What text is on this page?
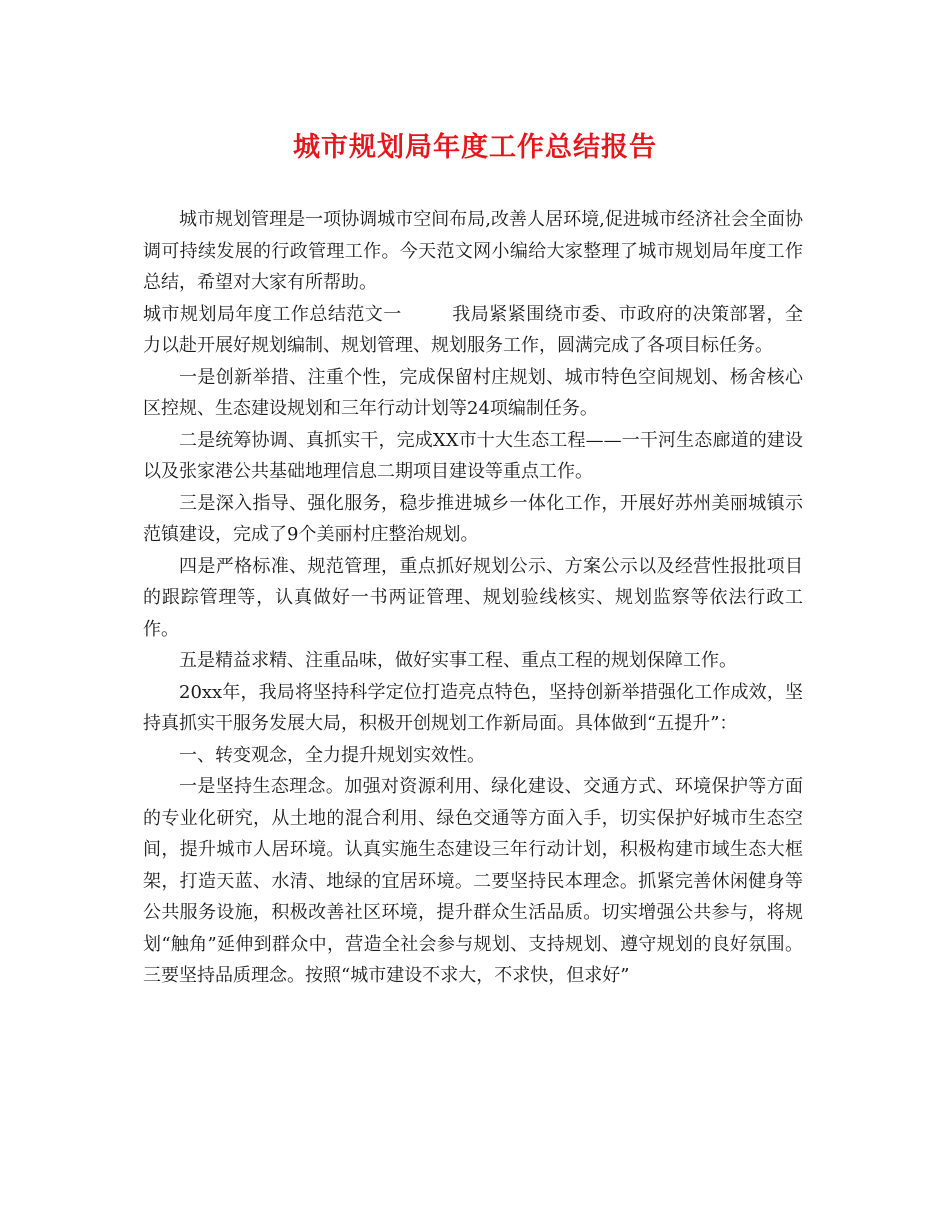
城市规划局年度工作总结报告

城市规划管理是一项协调城市空间布局,改善人居环境,促进城市经济社会全面协调可持续发展的行政管理工作。今天范文网小编给大家整理了城市规划局年度工作总结，希望对大家有所帮助。

城市规划局年度工作总结范文一	我局紧紧围绕市委、市政府的决策部署，全力以赴开展好规划编制、规划管理、规划服务工作，圆满完成了各项目标任务。

一是创新举措、注重个性，完成保留村庄规划、城市特色空间规划、杨舍核心区控规、生态建设规划和三年行动计划等24项编制任务。

二是统筹协调、真抓实干，完成XX市十大生态工程——一干河生态廊道的建设以及张家港公共基础地理信息二期项目建设等重点工作。

三是深入指导、强化服务，稳步推进城乡一体化工作，开展好苏州美丽城镇示范镇建设，完成了9个美丽村庄整治规划。

四是严格标准、规范管理，重点抓好规划公示、方案公示以及经营性报批项目的跟踪管理等，认真做好一书两证管理、规划验线核实、规划监察等依法行政工作。

五是精益求精、注重品味，做好实事工程、重点工程的规划保障工作。

20xx年，我局将坚持科学定位打造亮点特色，坚持创新举措强化工作成效，坚持真抓实干服务发展大局，积极开创规划工作新局面。具体做到“五提升”：

一、转变观念，全力提升规划实效性。

一是坚持生态理念。加强对资源利用、绿化建设、交通方式、环境保护等方面的专业化研究，从土地的混合利用、绿色交通等方面入手，切实保护好城市生态空间，提升城市人居环境。认真实施生态建设三年行动计划，积极构建市域生态大框架，打造天蓝、水清、地绿的宜居环境。二要坚持民本理念。抓紧完善休闲健身等公共服务设施，积极改善社区环境，提升群众生活品质。切实增强公共参与，将规划“触角”延伸到群众中，营造全社会参与规划、支持规划、遵守规划的良好氛围。三要坚持品质理念。按照“城市建设不求大，不求快，但求好”
